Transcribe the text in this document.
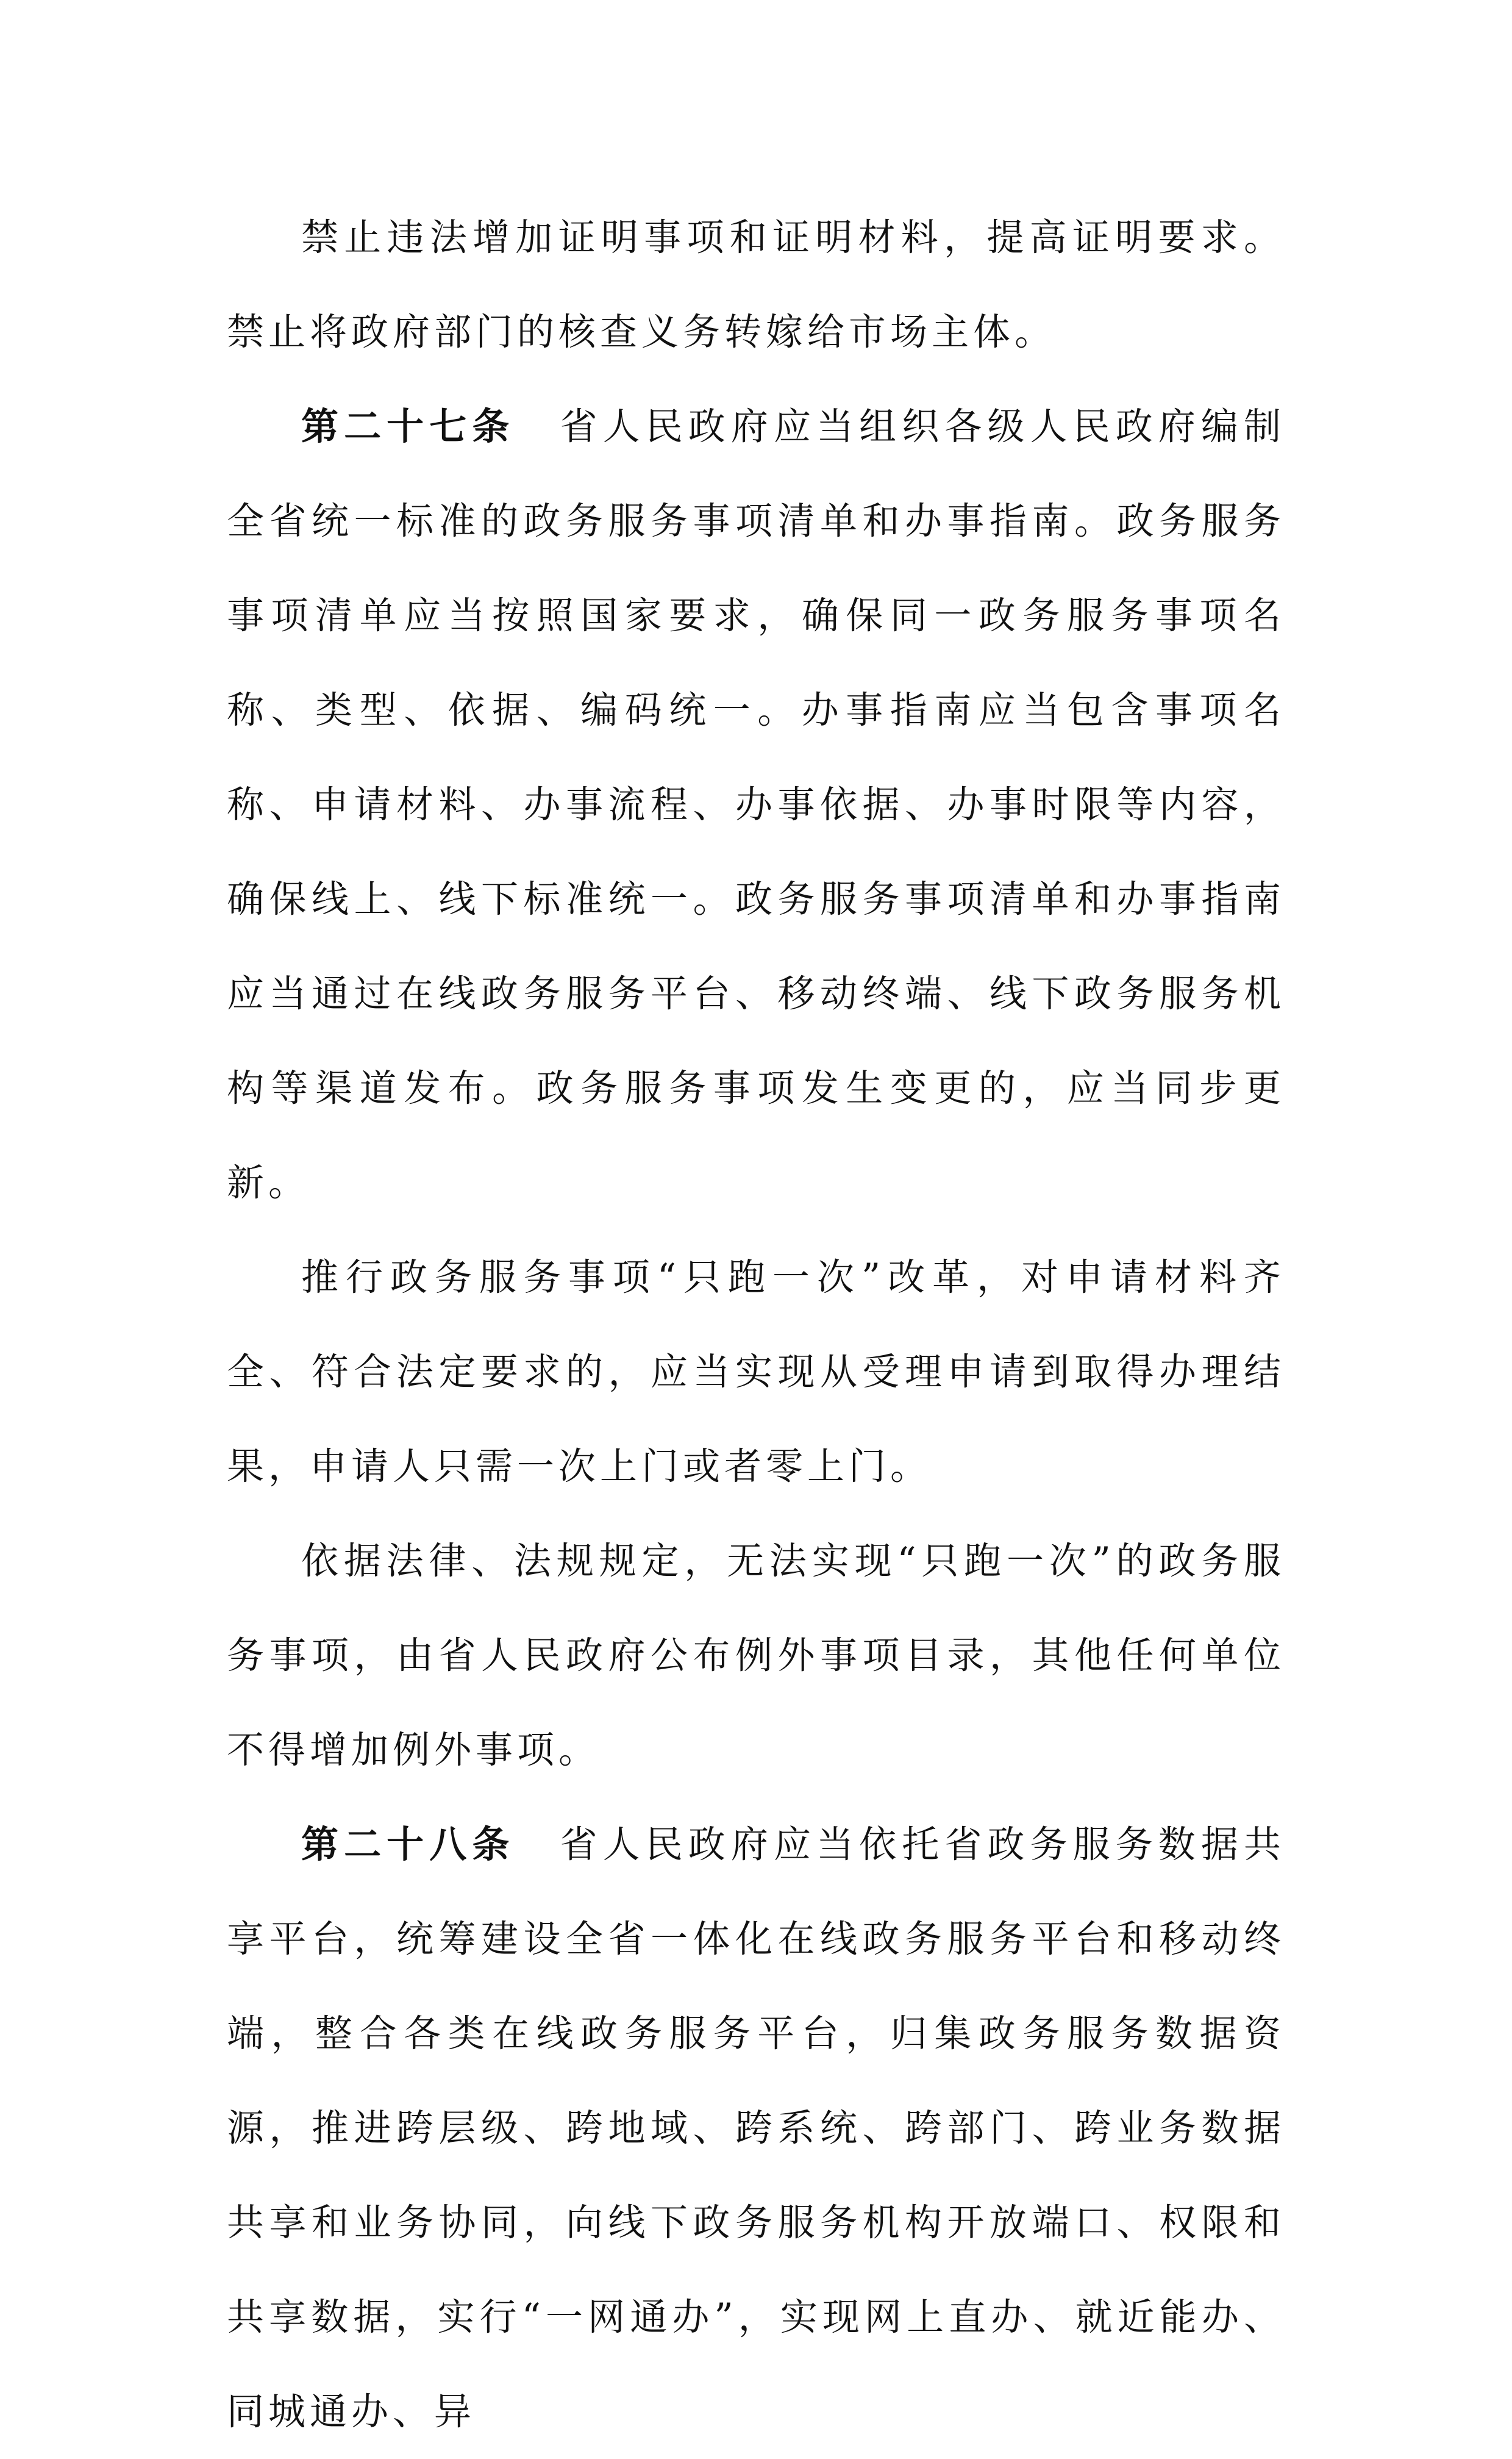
禁止违法增加证明事项和证明材料，提高证明要求。禁止将政府部门的核查义务转嫁给市场主体。

第二十七条 省人民政府应当组织各级人民政府编制全省统一标准的政务服务事项清单和办事指南。政务服务事项清单应当按照国家要求，确保同一政务服务事项名称、类型、依据、编码统一。办事指南应当包含事项名称、申请材料、办事流程、办事依据、办事时限等内容，确保线上、线下标准统一。政务服务事项清单和办事指南应当通过在线政务服务平台、移动终端、线下政务服务机构等渠道发布。政务服务事项发生变更的，应当同步更新。

推行政务服务事项“只跑一次”改革，对申请材料齐全、符合法定要求的，应当实现从受理申请到取得办理结果，申请人只需一次上门或者零上门。

依据法律、法规规定，无法实现“只跑一次”的政务服务事项，由省人民政府公布例外事项目录，其他任何单位不得增加例外事项。

第二十八条 省人民政府应当依托省政务服务数据共享平台，统筹建设全省一体化在线政务服务平台和移动终端，整合各类在线政务服务平台，归集政务服务数据资源，推进跨层级、跨地域、跨系统、跨部门、跨业务数据共享和业务协同，向线下政务服务机构开放端口、权限和共享数据，实行“一网通办”，实现网上直办、就近能办、同城通办、异
